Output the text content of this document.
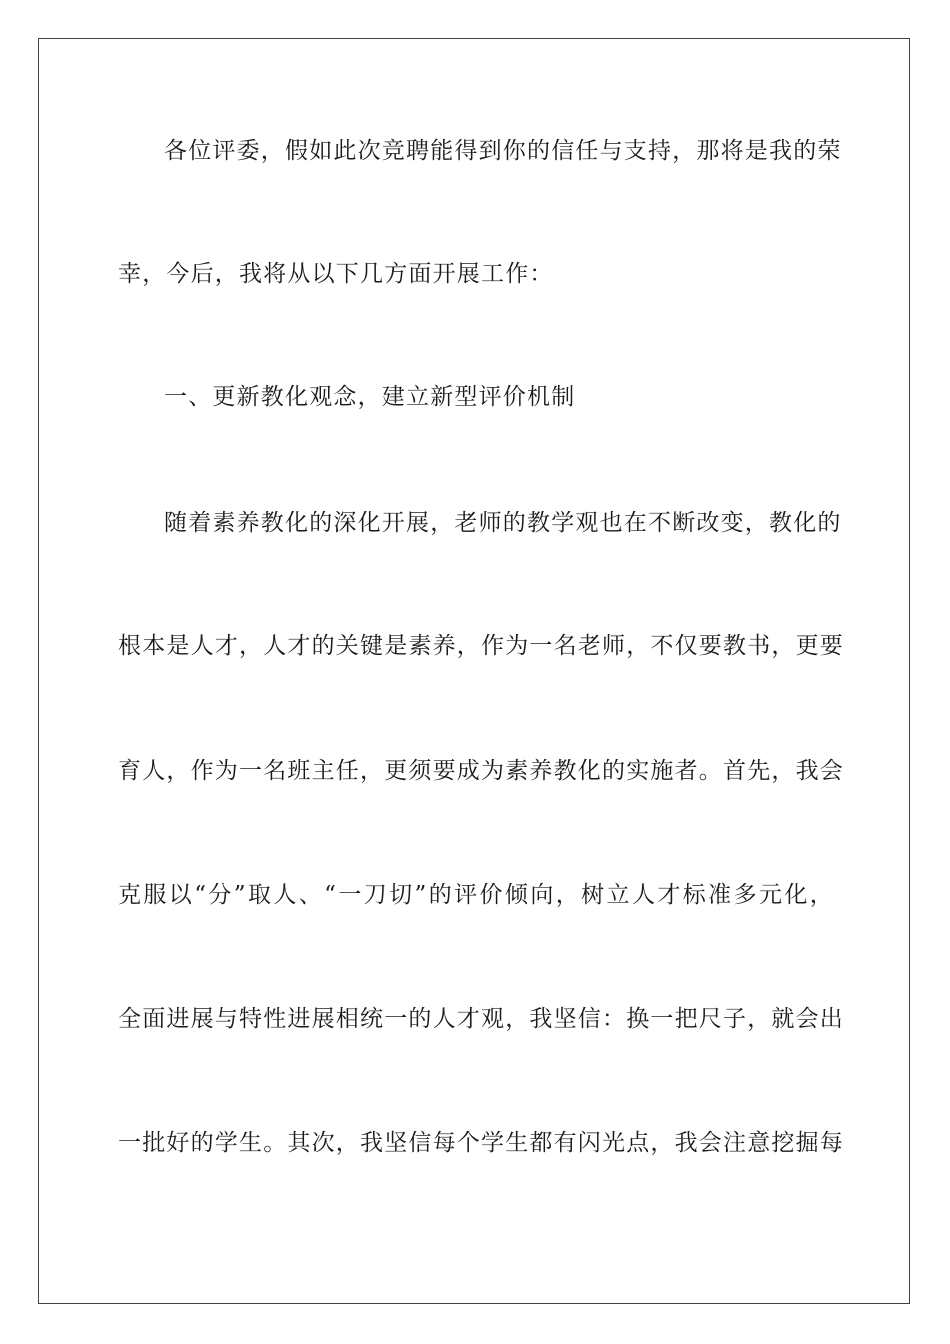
各位评委，假如此次竞聘能得到你的信任与支持，那将是我的荣
幸，今后，我将从以下几方面开展工作：
一、更新教化观念，建立新型评价机制
随着素养教化的深化开展，老师的教学观也在不断改变，教化的
根本是人才，人才的关键是素养，作为一名老师，不仅要教书，更要
育人，作为一名班主任，更须要成为素养教化的实施者。首先，我会
克服以“分”取人、“一刀切”的评价倾向，树立人才标准多元化，
全面进展与特性进展相统一的人才观，我坚信：换一把尺子，就会出
一批好的学生。其次，我坚信每个学生都有闪光点，我会注意挖掘每
